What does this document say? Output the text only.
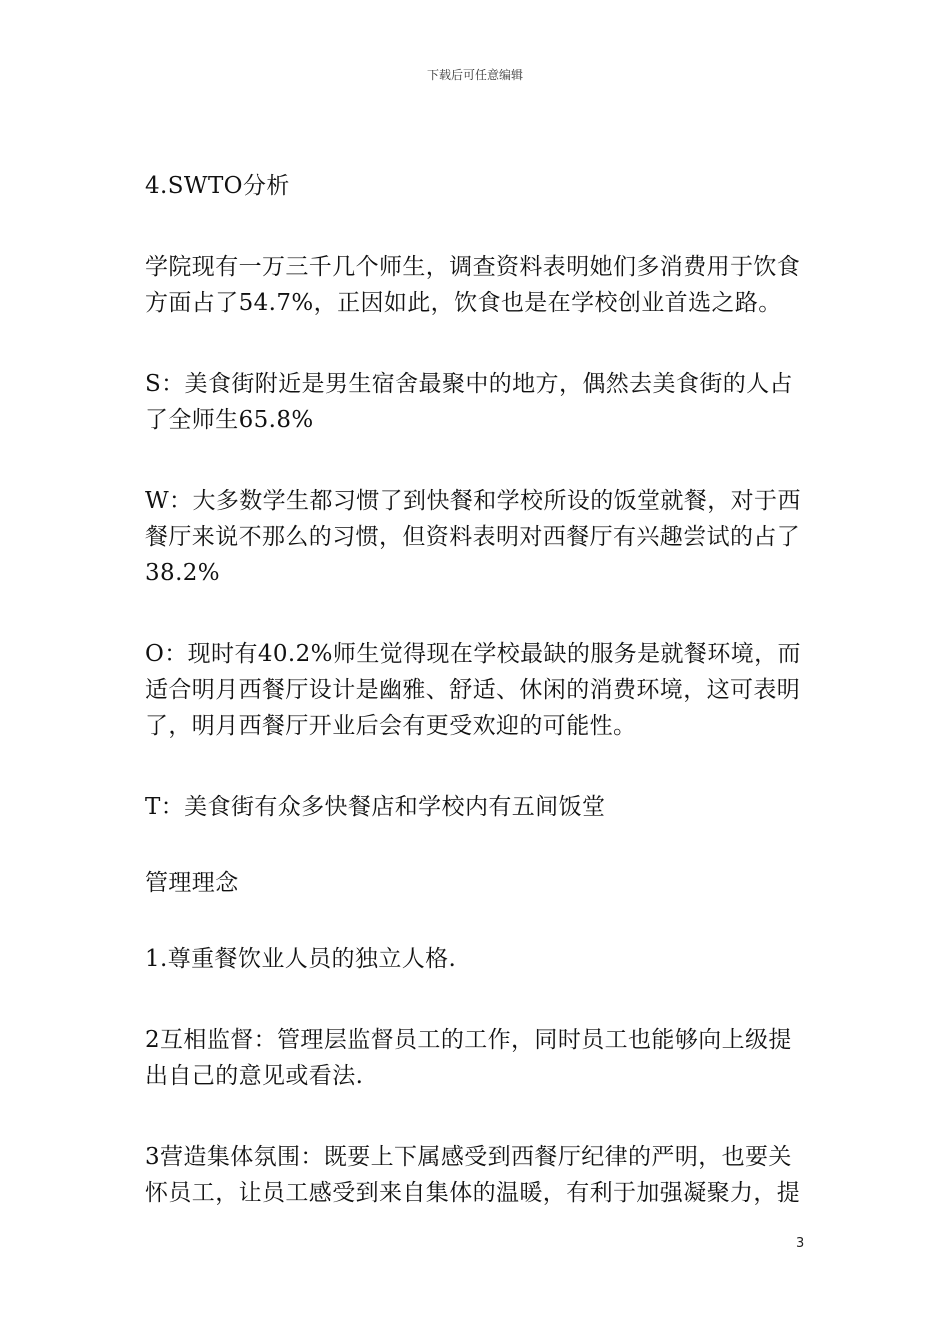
下载后可任意编辑

4.SWTO分析

学院现有一万三千几个师生，调查资料表明她们多消费用于饮食方面占了54.7%，正因如此，饮食也是在学校创业首选之路。

S：美食街附近是男生宿舍最聚中的地方，偶然去美食街的人占了全师生65.8%

W：大多数学生都习惯了到快餐和学校所设的饭堂就餐，对于西餐厅来说不那么的习惯，但资料表明对西餐厅有兴趣尝试的占了38.2%

O：现时有40.2%师生觉得现在学校最缺的服务是就餐环境，而适合明月西餐厅设计是幽雅、舒适、休闲的消费环境，这可表明了，明月西餐厅开业后会有更受欢迎的可能性。

T：美食街有众多快餐店和学校内有五间饭堂

管理理念

1.尊重餐饮业人员的独立人格.

2互相监督：管理层监督员工的工作，同时员工也能够向上级提出自己的意见或看法.

3营造集体氛围：既要上下属感受到西餐厅纪律的严明，也要关怀员工，让员工感受到来自集体的温暖，有利于加强凝聚力，提

3
